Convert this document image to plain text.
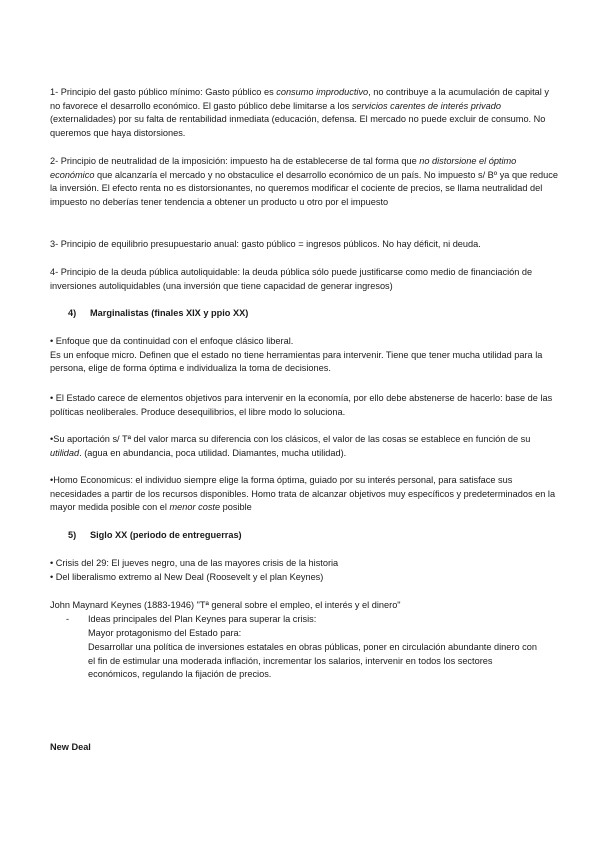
1- Principio del gasto público mínimo: Gasto público es consumo improductivo, no contribuye a la acumulación de capital y no favorece el desarrollo económico. El gasto público debe limitarse a los servicios carentes de interés privado (externalidades) por su falta de rentabilidad inmediata (educación, defensa. El mercado no puede excluir de consumo. No queremos que haya distorsiones.

2- Principio de neutralidad de la imposición: impuesto ha de establecerse de tal forma que no distorsione el óptimo económico que alcanzaría el mercado y no obstaculice el desarrollo económico de un país. No impuesto s/ Bº ya que reduce la inversión. El efecto renta no es distorsionantes, no queremos modificar el cociente de precios, se llama neutralidad del impuesto no deberías tener tendencia a obtener un producto u otro por el impuesto

3- Principio de equilibrio presupuestario anual: gasto público = ingresos públicos. No hay déficit, ni deuda.

4- Principio de la deuda pública autoliquidable: la deuda pública sólo puede justificarse como medio de financiación de inversiones autoliquidables (una inversión que tiene capacidad de generar ingresos)

4) Marginalistas (finales XIX y ppio XX)

• Enfoque que da continuidad con el enfoque clásico liberal.

Es un enfoque micro. Definen que el estado no tiene herramientas para intervenir. Tiene que tener mucha utilidad para la persona, elige de forma óptima e individualiza la toma de decisiones.

• El Estado carece de elementos objetivos para intervenir en la economía, por ello debe abstenerse de hacerlo: base de las políticas neoliberales. Produce desequilibrios, el libre modo lo soluciona.

•Su aportación s/ Tª del valor marca su diferencia con los clásicos, el valor de las cosas se establece en función de su utilidad. (agua en abundancia, poca utilidad. Diamantes, mucha utilidad).

•Homo Economicus: el individuo siempre elige la forma óptima, guiado por su interés personal, para satisface sus necesidades a partir de los recursos disponibles. Homo trata de alcanzar objetivos muy específicos y predeterminados en la mayor medida posible con el menor coste posible

5) Siglo XX (periodo de entreguerras)

• Crisis del 29: El jueves negro, una de las mayores crisis de la historia

• Del liberalismo extremo al New Deal (Roosevelt y el plan Keynes)

John Maynard Keynes (1883-1946) "Tª general sobre el empleo, el interés y el dinero"

- Ideas principales del Plan Keynes para superar la crisis:

Mayor protagonismo del Estado para:

Desarrollar una política de inversiones estatales en obras públicas, poner en circulación abundante dinero con el fin de estimular una moderada inflación, incrementar los salarios, intervenir en todos los sectores económicos, regulando la fijación de precios.

New Deal
